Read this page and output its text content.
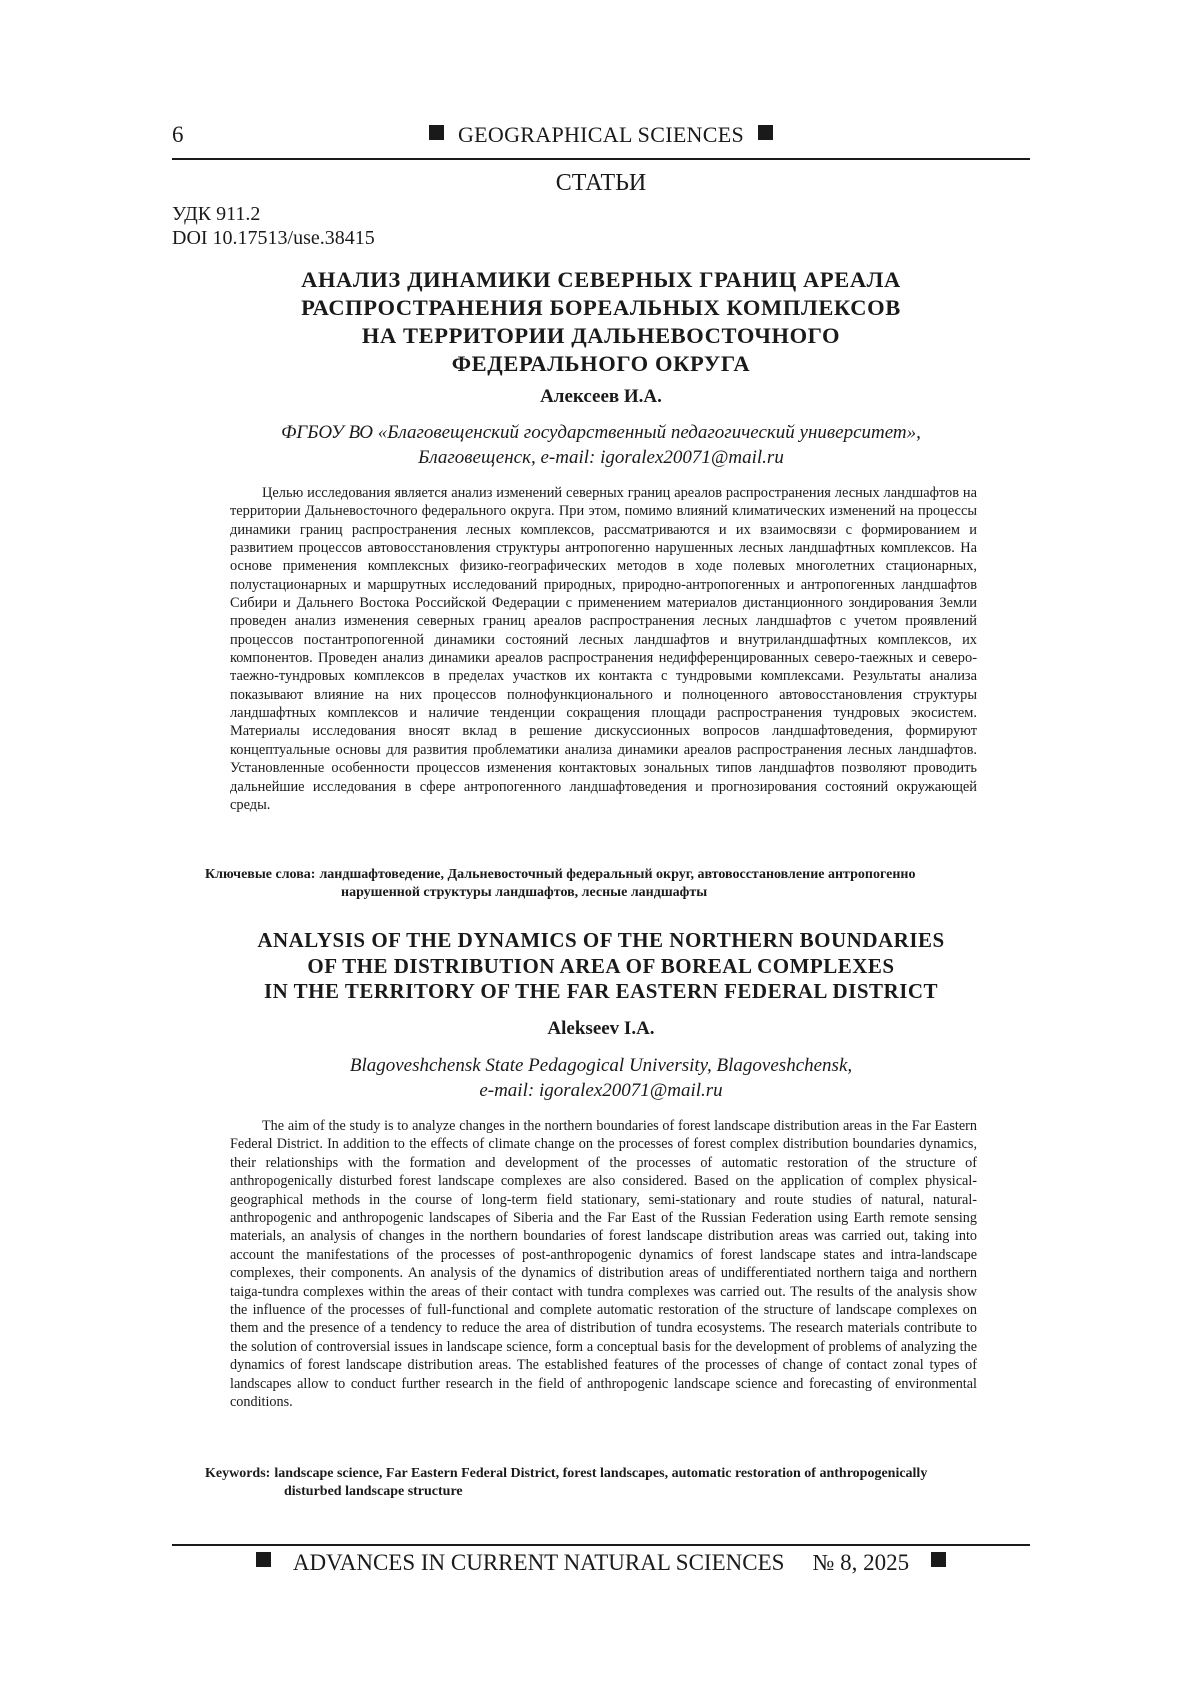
6	GEOGRAPHICAL SCIENCES
СТАТЬИ
УДК 911.2
DOI 10.17513/use.38415
АНАЛИЗ ДИНАМИКИ СЕВЕРНЫХ ГРАНИЦ АРЕАЛА
РАСПРОСТРАНЕНИЯ БОРЕАЛЬНЫХ КОМПЛЕКСОВ
НА ТЕРРИТОРИИ ДАЛЬНЕВОСТОЧНОГО
ФЕДЕРАЛЬНОГО ОКРУГА
Алексеев И.А.
ФГБОУ ВО «Благовещенский государственный педагогический университет»,
Благовещенск, e-mail: igoralex20071@mail.ru

Целью исследования является анализ изменений северных границ ареалов распространения лесных ландшафтов на территории Дальневосточного федерального округа. При этом, помимо влияний климатических изменений на процессы динамики границ распространения лесных комплексов, рассматриваются и их взаимосвязи с формированием и развитием процессов автовосстановления структуры антропогенно нарушенных лесных ландшафтных комплексов. На основе применения комплексных физико-географических методов в ходе полевых многолетних стационарных, полустационарных и маршрутных исследований природных, природно-антропогенных и антропогенных ландшафтов Сибири и Дальнего Востока Российской Федерации с применением материалов дистанционного зондирования Земли проведен анализ изменения северных границ ареалов распространения лесных ландшафтов с учетом проявлений процессов постантропогенной динамики состояний лесных ландшафтов и внутриландшафтных комплексов, их компонентов. Проведен анализ динамики ареалов распространения недифференцированных северо-таежных и северо-таежно-тундровых комплексов в пределах участков их контакта с тундровыми комплексами. Результаты анализа показывают влияние на них процессов полнофункционального и полноценного автовосстановления структуры ландшафтных комплексов и наличие тенденции сокращения площади распространения тундровых экосистем. Материалы исследования вносят вклад в решение дискуссионных вопросов ландшафтоведения, формируют концептуальные основы для развития проблематики анализа динамики ареалов распространения лесных ландшафтов. Установленные особенности процессов изменения контактовых зональных типов ландшафтов позволяют проводить дальнейшие исследования в сфере антропогенного ландшафтоведения и прогнозирования состояний окружающей среды.

Ключевые слова: ландшафтоведение, Дальневосточный федеральный округ, автовосстановление антропогенно
нарушенной структуры ландшафтов, лесные ландшафты
ANALYSIS OF THE DYNAMICS OF THE NORTHERN BOUNDARIES
OF THE DISTRIBUTION AREA OF BOREAL COMPLEXES
IN THE TERRITORY OF THE FAR EASTERN FEDERAL DISTRICT
Alekseev I.A.
Blagoveshchensk State Pedagogical University, Blagoveshchensk,
e-mail: igoralex20071@mail.ru

The aim of the study is to analyze changes in the northern boundaries of forest landscape distribution areas in the Far Eastern Federal District. In addition to the effects of climate change on the processes of forest complex distribution boundaries dynamics, their relationships with the formation and development of the processes of automatic restoration of the structure of anthropogenically disturbed forest landscape complexes are also considered. Based on the application of complex physical-geographical methods in the course of long-term field stationary, semi-stationary and route studies of natural, natural-anthropogenic and anthropogenic landscapes of Siberia and the Far East of the Russian Federation using Earth remote sensing materials, an analysis of changes in the northern boundaries of forest landscape distribution areas was carried out, taking into account the manifestations of the processes of post-anthropogenic dynamics of forest landscape states and intra-landscape complexes, their components. An analysis of the dynamics of distribution areas of undifferentiated northern taiga and northern taiga-tundra complexes within the areas of their contact with tundra complexes was carried out. The results of the analysis show the influence of the processes of full-functional and complete automatic restoration of the structure of landscape complexes on them and the presence of a tendency to reduce the area of distribution of tundra ecosystems. The research materials contribute to the solution of controversial issues in landscape science, form a conceptual basis for the development of problems of analyzing the dynamics of forest landscape distribution areas. The established features of the processes of change of contact zonal types of landscapes allow to conduct further research in the field of anthropogenic landscape science and forecasting of environmental conditions.

Keywords: landscape science, Far Eastern Federal District, forest landscapes, automatic restoration of anthropogenically
disturbed landscape structure
ADVANCES IN CURRENT NATURAL SCIENCES № 8, 2025
